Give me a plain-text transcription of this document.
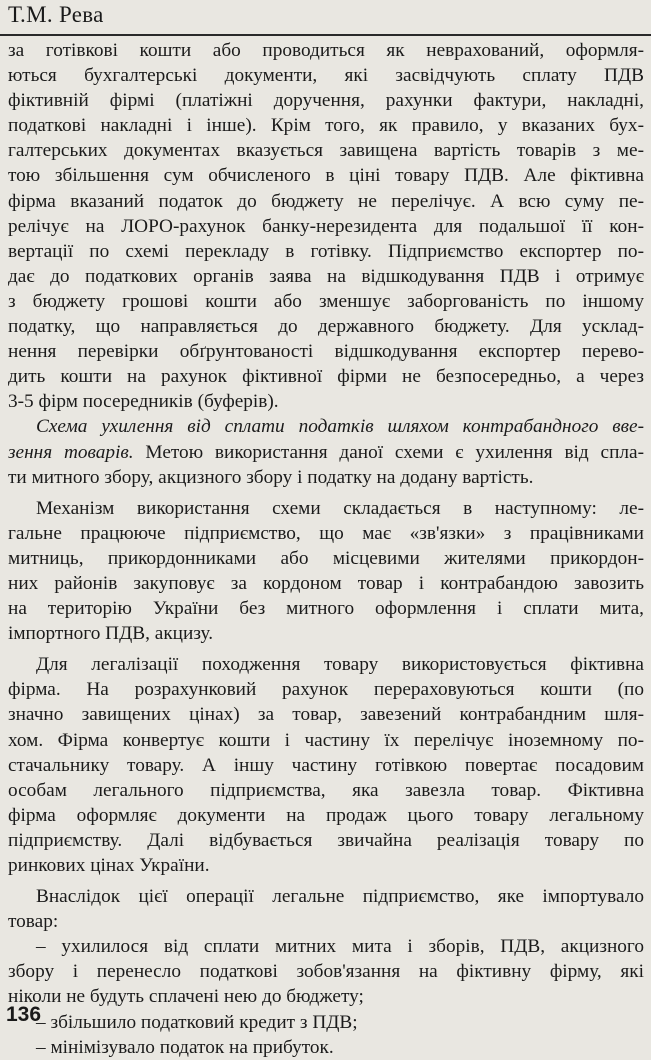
Т.М. Рева
за готівкові кошти або проводиться як неврахований, оформля-
ються бухгалтерські документи, які засвідчують сплату ПДВ
фіктивній фірмі (платіжні доручення, рахунки фактури, накладні,
податкові накладні і інше). Крім того, як правило, у вказаних бух-
галтерських документах вказується завищена вартість товарів з ме-
тою збільшення сум обчисленого в ціні товару ПДВ. Але фіктивна
фірма вказаний податок до бюджету не перелічує. А всю суму пе-
релічує на ЛОРО-рахунок банку-нерезидента для подальшої її кон-
вертації по схемі перекладу в готівку. Підприємство експортер по-
дає до податкових органів заява на відшкодування ПДВ і отримує
з бюджету грошові кошти або зменшує заборгованість по іншому
податку, що направляється до державного бюджету. Для усклад-
нення перевірки обґрунтованості відшкодування експортер перево-
дить кошти на рахунок фіктивної фірми не безпосередньо, а через
3-5 фірм посередників (буферів).
Схема ухилення від сплати податків шляхом контрабандного вве-
зення товарів. Метою використання даної схеми є ухилення від спла-
ти митного збору, акцизного збору і податку на додану вартість.
Механізм використання схеми складається в наступному: ле-
гальне працююче підприємство, що має «зв'язки» з працівниками
митниць, прикордонниками або місцевими жителями прикордон-
них районів закуповує за кордоном товар і контрабандою завозить
на територію України без митного оформлення і сплати мита,
імпортного ПДВ, акцизу.
Для легалізації походження товару використовується фіктивна
фірма. На розрахунковий рахунок перераховуються кошти (по
значно завищених цінах) за товар, завезений контрабандним шля-
хом. Фірма конвертує кошти і частину їх перелічує іноземному по-
стачальнику товару. А іншу частину готівкою повертає посадовим
особам легального підприємства, яка завезла товар. Фіктивна
фірма оформляє документи на продаж цього товару легальному
підприємству. Далі відбувається звичайна реалізація товару по
ринкових цінах України.
Внаслідок цієї операції легальне підприємство, яке імпортувало
товар:
– ухилилося від сплати митних мита і зборів, ПДВ, акцизного
збору і перенесло податкові зобов'язання на фіктивну фірму, які
ніколи не будуть сплачені нею до бюджету;
– збільшило податковий кредит з ПДВ;
– мінімізувало податок на прибуток.
136
